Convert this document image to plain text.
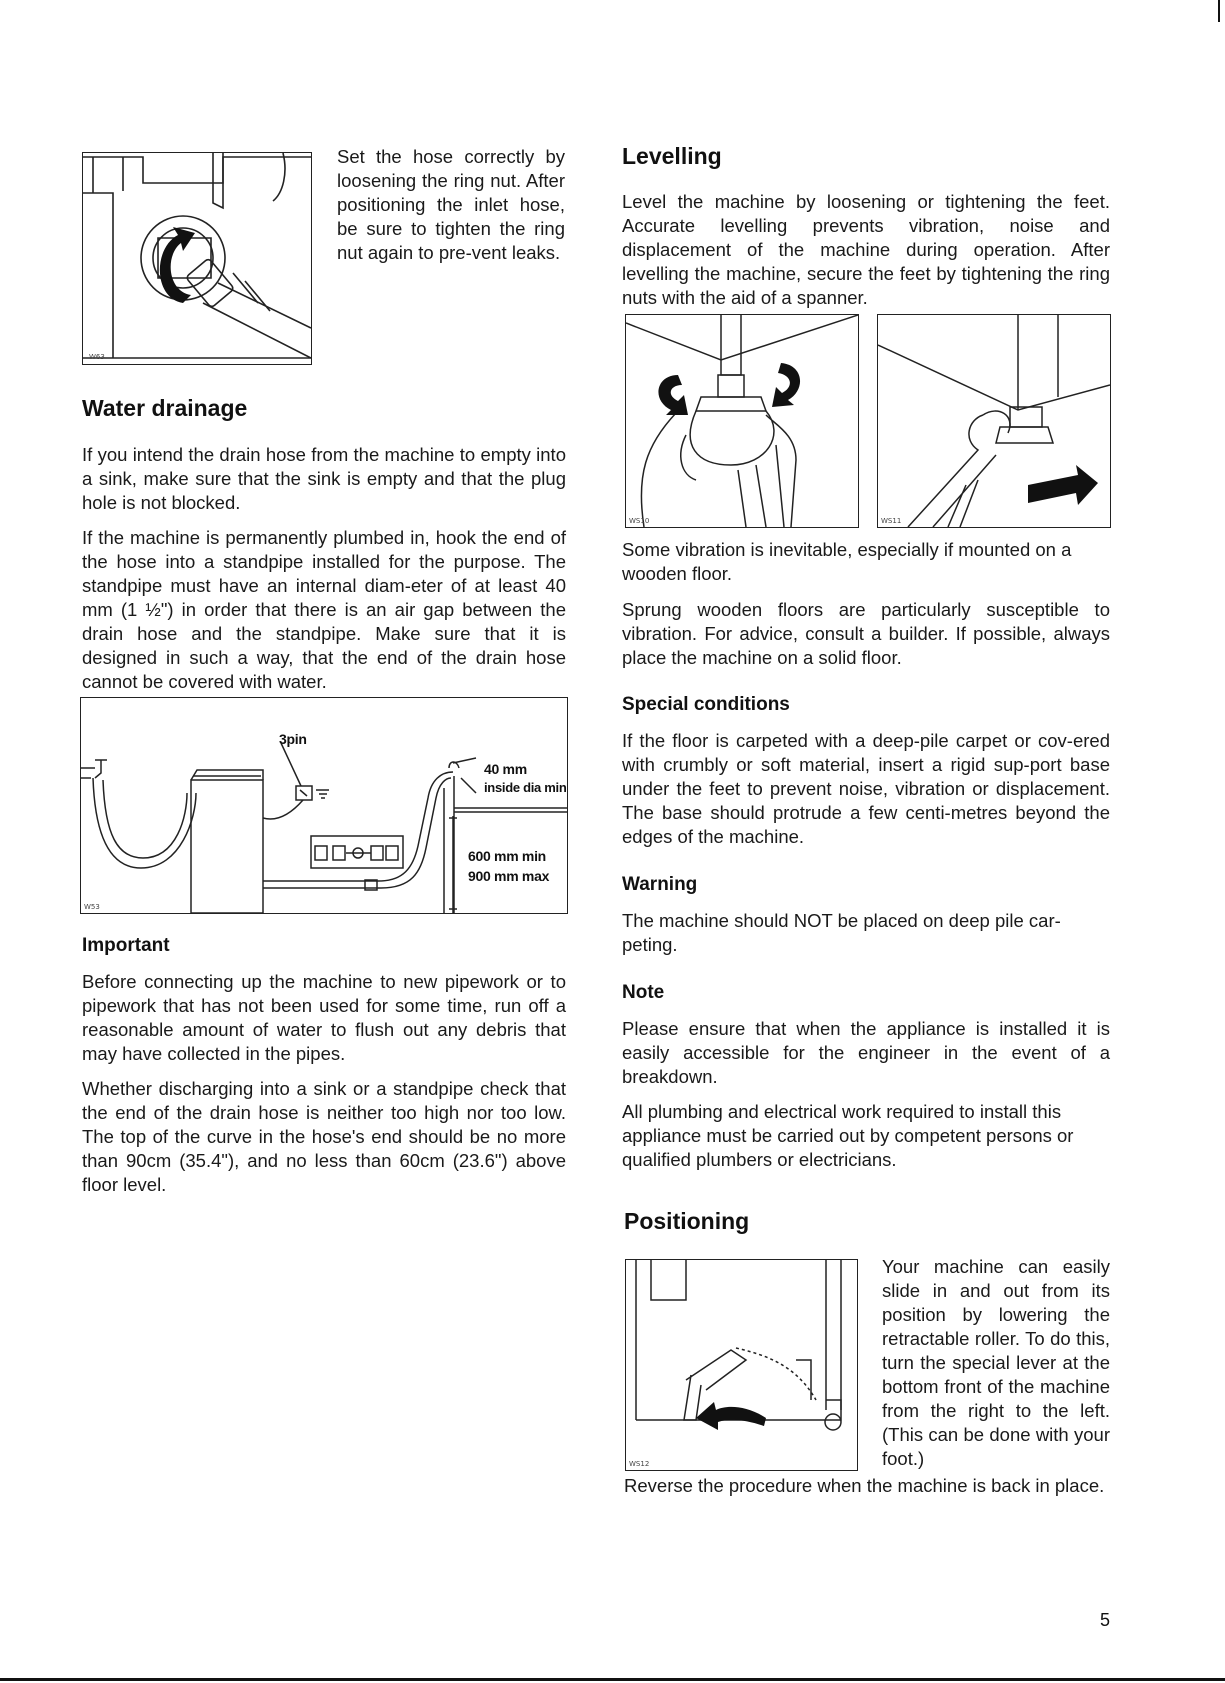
W63

Set the hose correctly by loosening the ring nut. After positioning the inlet hose, be sure to tighten the ring nut again to pre-vent leaks.

Water drainage

If you intend the drain hose from the machine to empty into a sink, make sure that the sink is empty and that the plug hole is not blocked.

If the machine is permanently plumbed in, hook the end of the hose into a standpipe installed for the purpose. The standpipe must have an internal diam-eter of at least 40 mm (1 ½") in order that there is an air gap between the drain hose and the standpipe. Make sure that it is designed in such a way, that the end of the drain hose cannot be covered with water.

3pin
40 mm
inside dia min
600 mm min
900 mm max
W53
Important

Before connecting up the machine to new pipework or to pipework that has not been used for some time, run off a reasonable amount of water to flush out any debris that may have collected in the pipes.

Whether discharging into a sink or a standpipe check that the end of the drain hose is neither too high nor too low. The top of the curve in the hose's end should be no more than 90cm (35.4"), and no less than 60cm (23.6") above floor level.

Levelling

Level the machine by loosening or tightening the feet. Accurate levelling prevents vibration, noise and displacement of the machine during operation. After levelling the machine, secure the feet by tightening the ring nuts with the aid of a spanner.

WS10	WS11

Some vibration is inevitable, especially if mounted on a wooden floor.

Sprung wooden floors are particularly susceptible to vibration. For advice, consult a builder. If possible, always place the machine on a solid floor.

Special conditions

If the floor is carpeted with a deep-pile carpet or cov-ered with crumbly or soft material, insert a rigid sup-port base under the feet to prevent noise, vibration or displacement. The base should protrude a few centi-metres beyond the edges of the machine.

Warning

The machine should NOT be placed on deep pile car-peting.

Note

Please ensure that when the appliance is installed it is easily accessible for the engineer in the event of a breakdown.

All plumbing and electrical work required to install this appliance must be carried out by competent persons or qualified plumbers or electricians.

Positioning
WS12

Your machine can easily slide in and out from its position by lowering the retractable roller. To do this, turn the special lever at the bottom front of the machine from the right to the left. (This can be done with your foot.)

Reverse the procedure when the machine is back in place.

5
